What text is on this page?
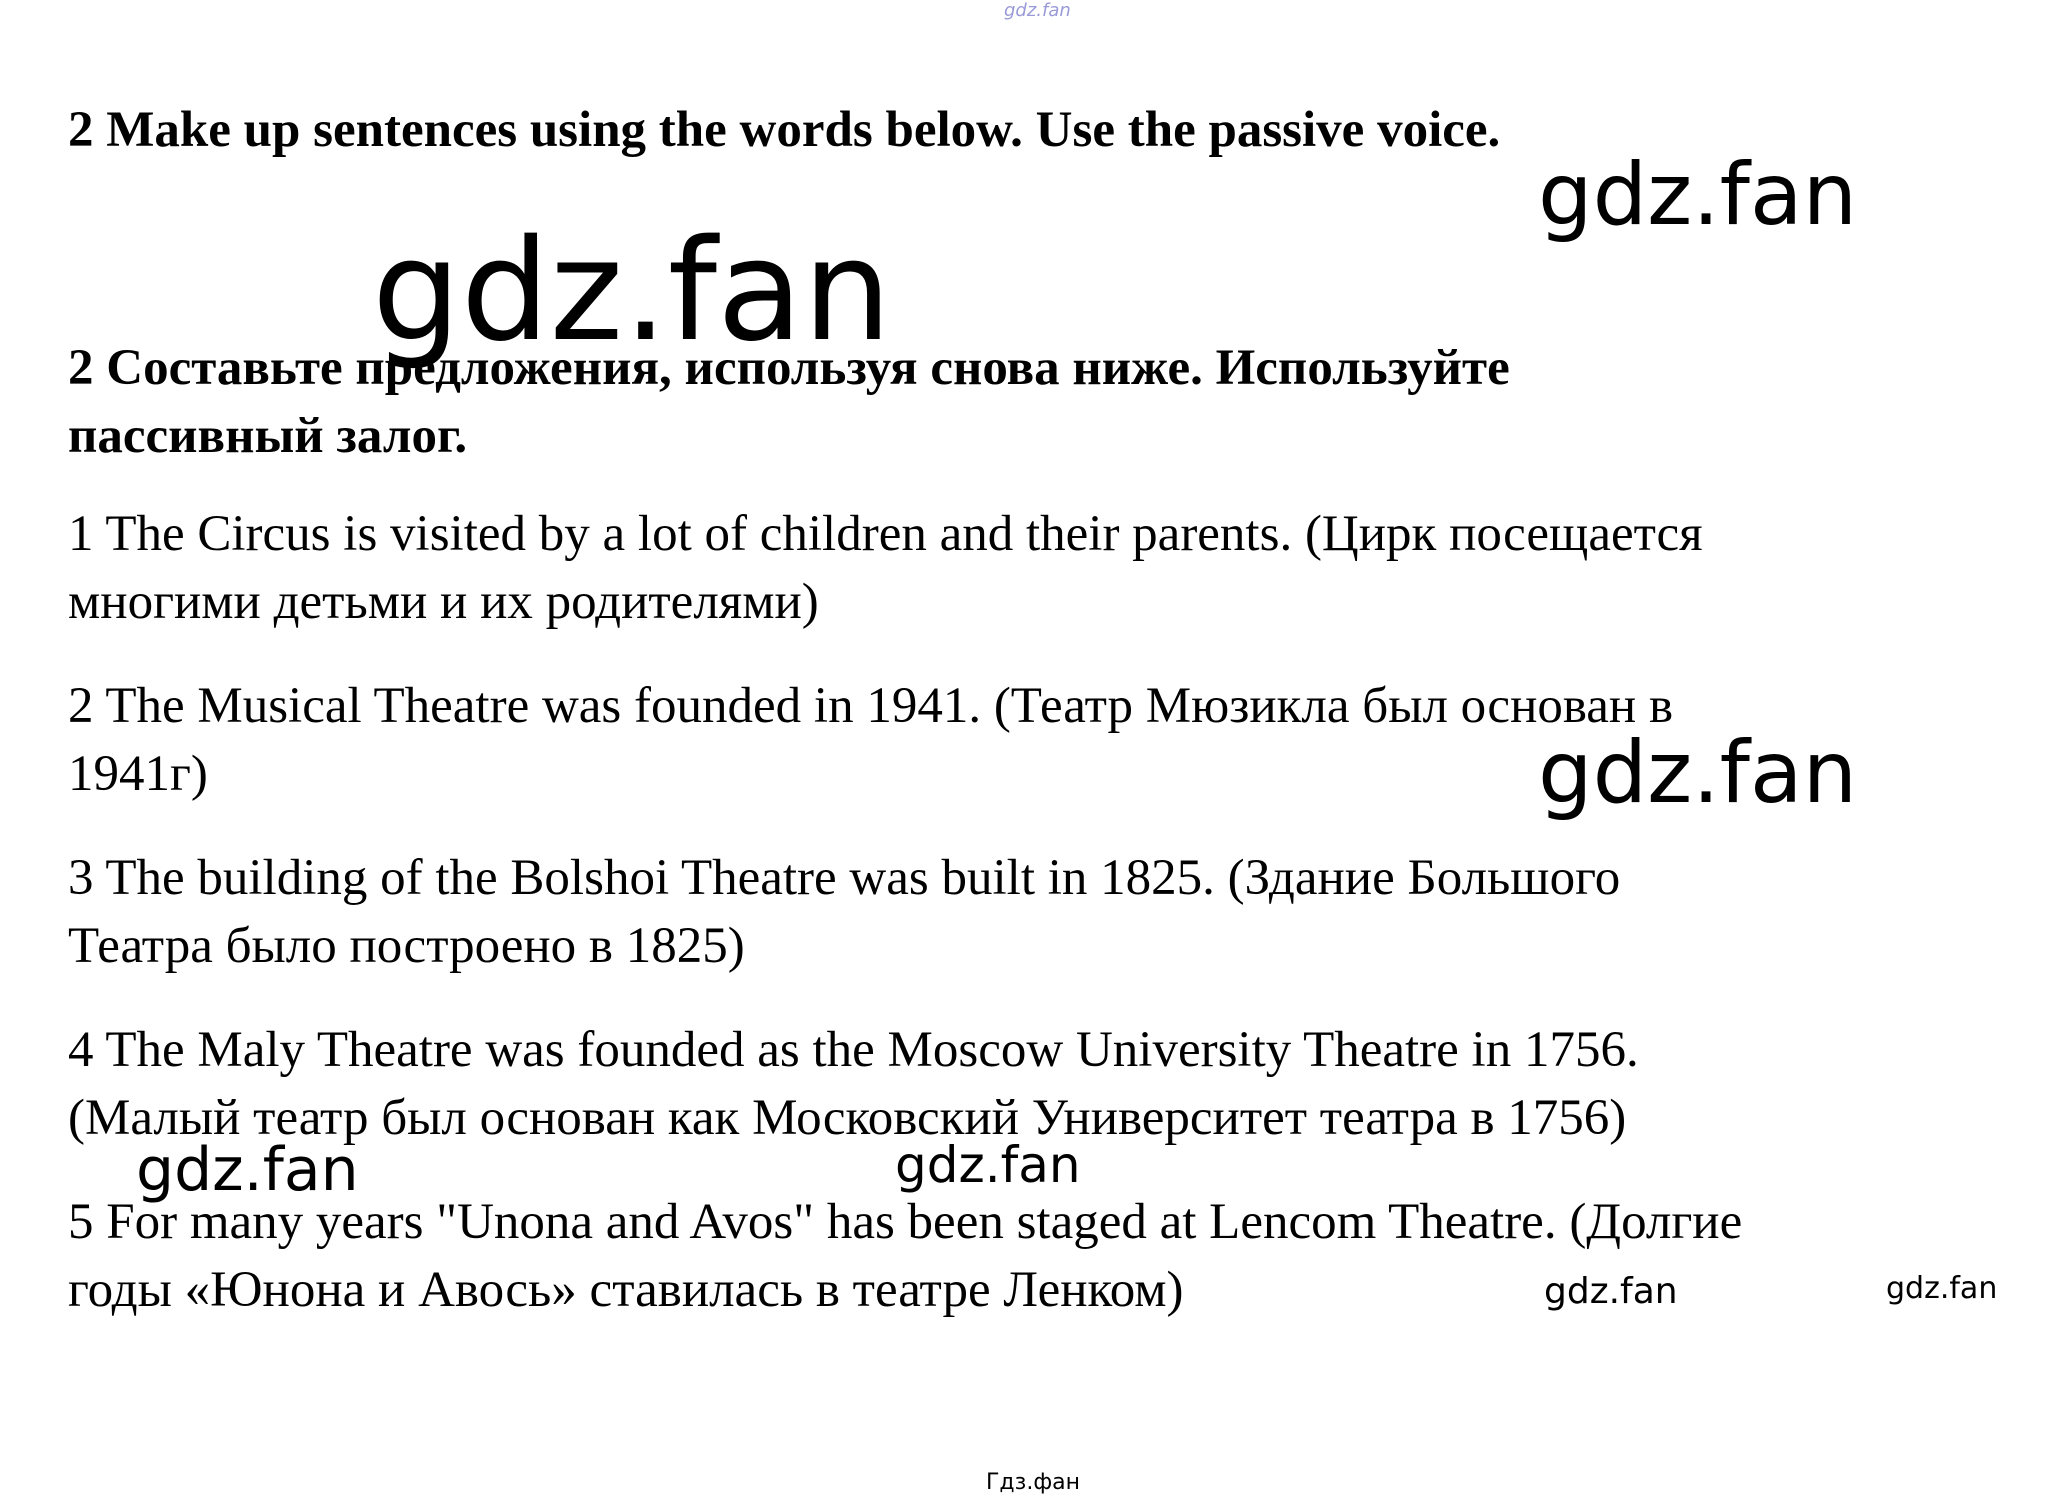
gdz.fan
2 Make up sentences using the words below. Use the passive voice.
gdz.fan
gdz.fan
2 Составьте предложения, используя снова ниже. Используйте
пассивный залог.

1 The Circus is visited by a lot of children and their parents. (Цирк посещается
многими детьми и их родителями)

2 The Musical Theatre was founded in 1941. (Театр Мюзикла был основан в
1941г)

3 The building of the Bolshoi Theatre was built in 1825. (Здание Большого
Театра было построено в 1825)

4 The Maly Theatre was founded as the Moscow University Theatre in 1756.
(Малый театр был основан как Московский Университет театра в 1756)

5 For many years "Unona and Avos" has been staged at Lencom Theatre. (Долгие
годы «Юнона и Авось» ставилась в театре Ленком)

gdz.fan
gdz.fan	gdz.fan
gdz.fan	gdz.fan
Гдз.фан
